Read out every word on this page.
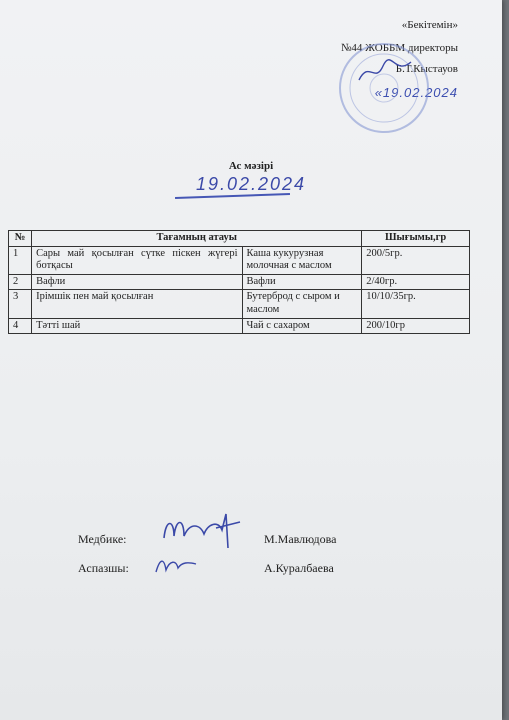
«Бекітемін»
№44 ЖОББМ директоры
Б.Т.Кыстауов
«19.02.2024
Ас мәзірі
19.02.2024
№	Тағамның атауы		Шығымы,гр
1	Сары май қосылған сүтке піскен жүгері ботқасы	Каша кукурузная молочная с маслом	200/5гр.
2	Вафли	Вафли	2/40гр.
3	Ірімшік пен май қосылған	Бутерброд с сыром и маслом	10/10/35гр.
4	Тәтті шай	Чай с сахаром	200/10гр
Медбике:	М.Мавлюдова
Аспазшы:	А.Куралбаева
